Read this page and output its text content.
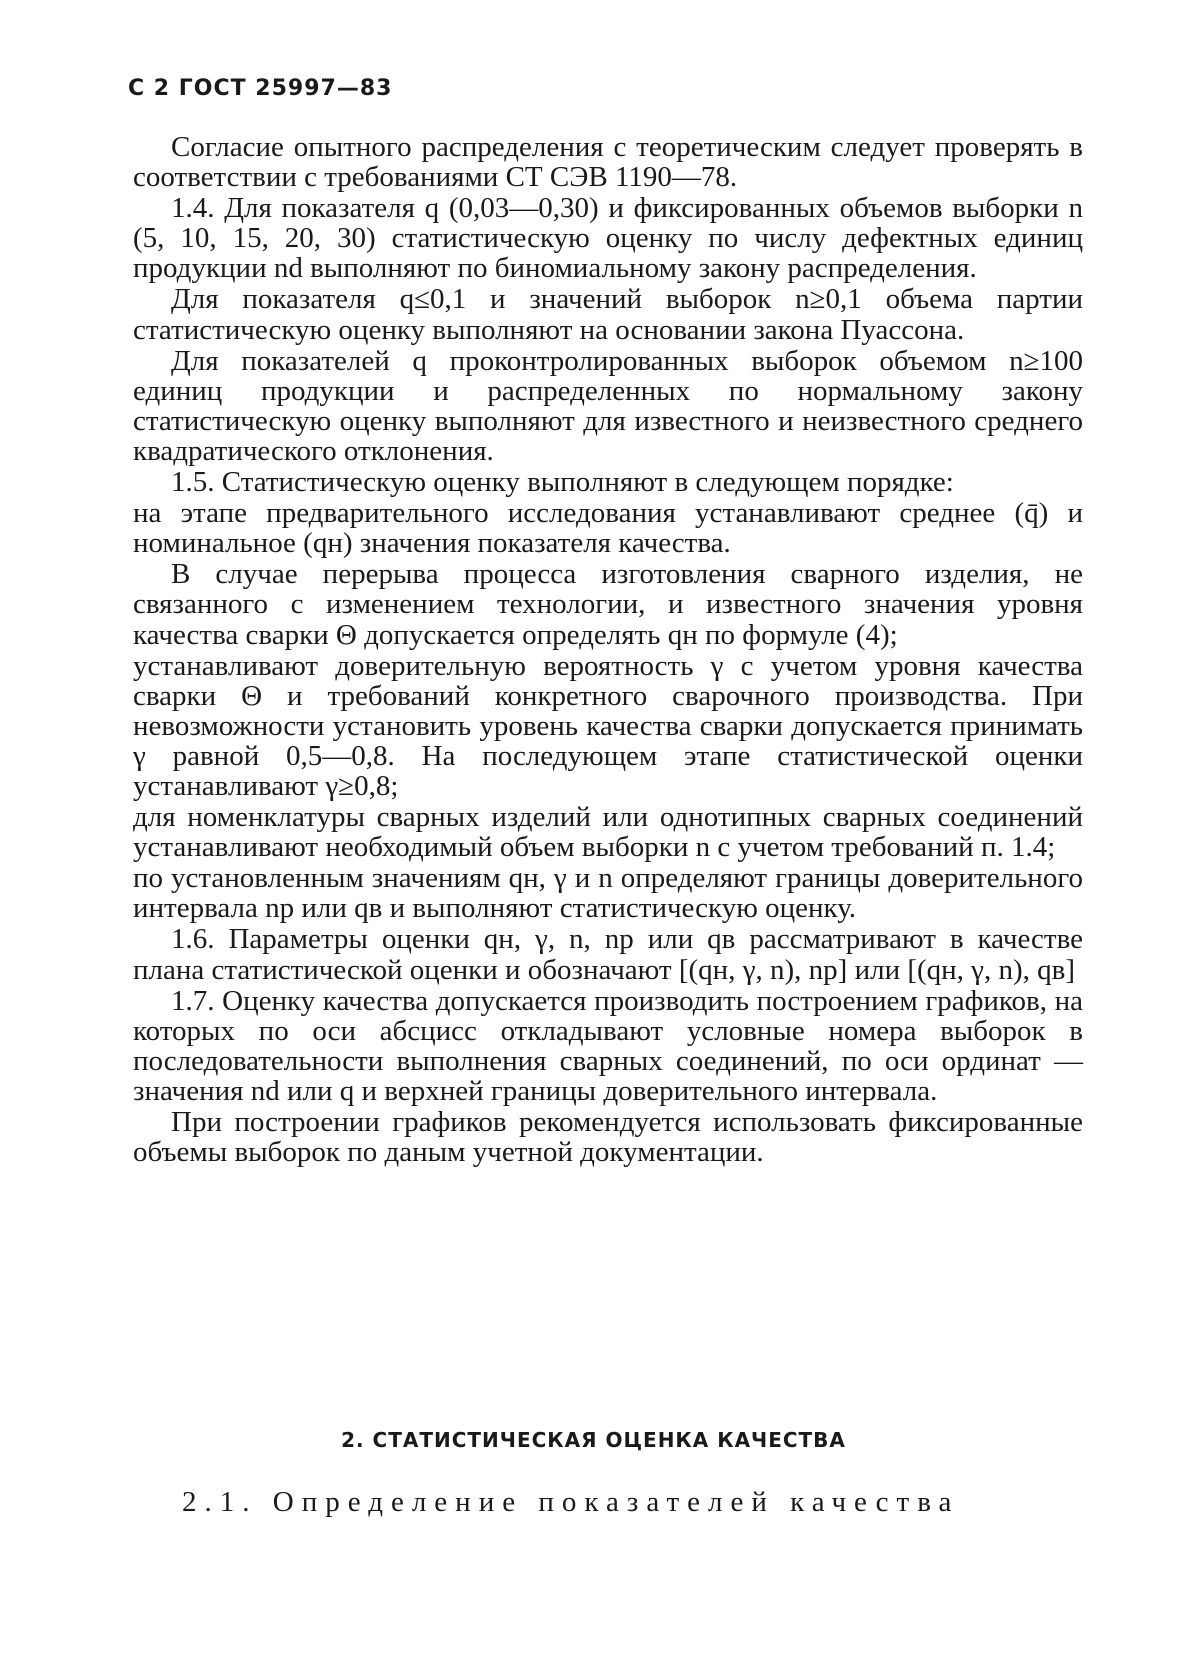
С 2 ГОСТ 25997—83

Согласие опытного распределения с теоретическим следует проверять в соответствии с требованиями СТ СЭВ 1190—78.

1.4. Для показателя q (0,03—0,30) и фиксированных объемов выборки n (5, 10, 15, 20, 30) статистическую оценку по числу дефектных единиц продукции nd выполняют по биномиальному закону распределения.

Для показателя q≤0,1 и значений выборок n≥0,1 объема партии статистическую оценку выполняют на основании закона Пуассона.

Для показателей q проконтролированных выборок объемом n≥100 единиц продукции и распределенных по нормальному закону статистическую оценку выполняют для известного и неизвестного среднего квадратического отклонения.

1.5. Статистическую оценку выполняют в следующем порядке:

на этапе предварительного исследования устанавливают среднее (q̄) и номинальное (qн) значения показателя качества.

В случае перерыва процесса изготовления сварного изделия, не связанного с изменением технологии, и известного значения уровня качества сварки Θ допускается определять qн по формуле (4);

устанавливают доверительную вероятность γ с учетом уровня качества сварки Θ и требований конкретного сварочного производства. При невозможности установить уровень качества сварки допускается принимать γ равной 0,5—0,8. На последующем этапе статистической оценки устанавливают γ≥0,8;

для номенклатуры сварных изделий или однотипных сварных соединений устанавливают необходимый объем выборки n с учетом требований п. 1.4;

по установленным значениям qн, γ и n определяют границы доверительного интервала nр или qв и выполняют статистическую оценку.

1.6. Параметры оценки qн, γ, n, nр или qв рассматривают в качестве плана статистической оценки и обозначают [(qн, γ, n), nр] или [(qн, γ, n), qв]

1.7. Оценку качества допускается производить построением графиков, на которых по оси абсцисс откладывают условные номера выборок в последовательности выполнения сварных соединений, по оси ординат — значения nd или q и верхней границы доверительного интервала.

При построении графиков рекомендуется использовать фиксированные объемы выборок по даным учетной документации.

2. СТАТИСТИЧЕСКАЯ ОЦЕНКА КАЧЕСТВА
2.1. Определение показателей качества
